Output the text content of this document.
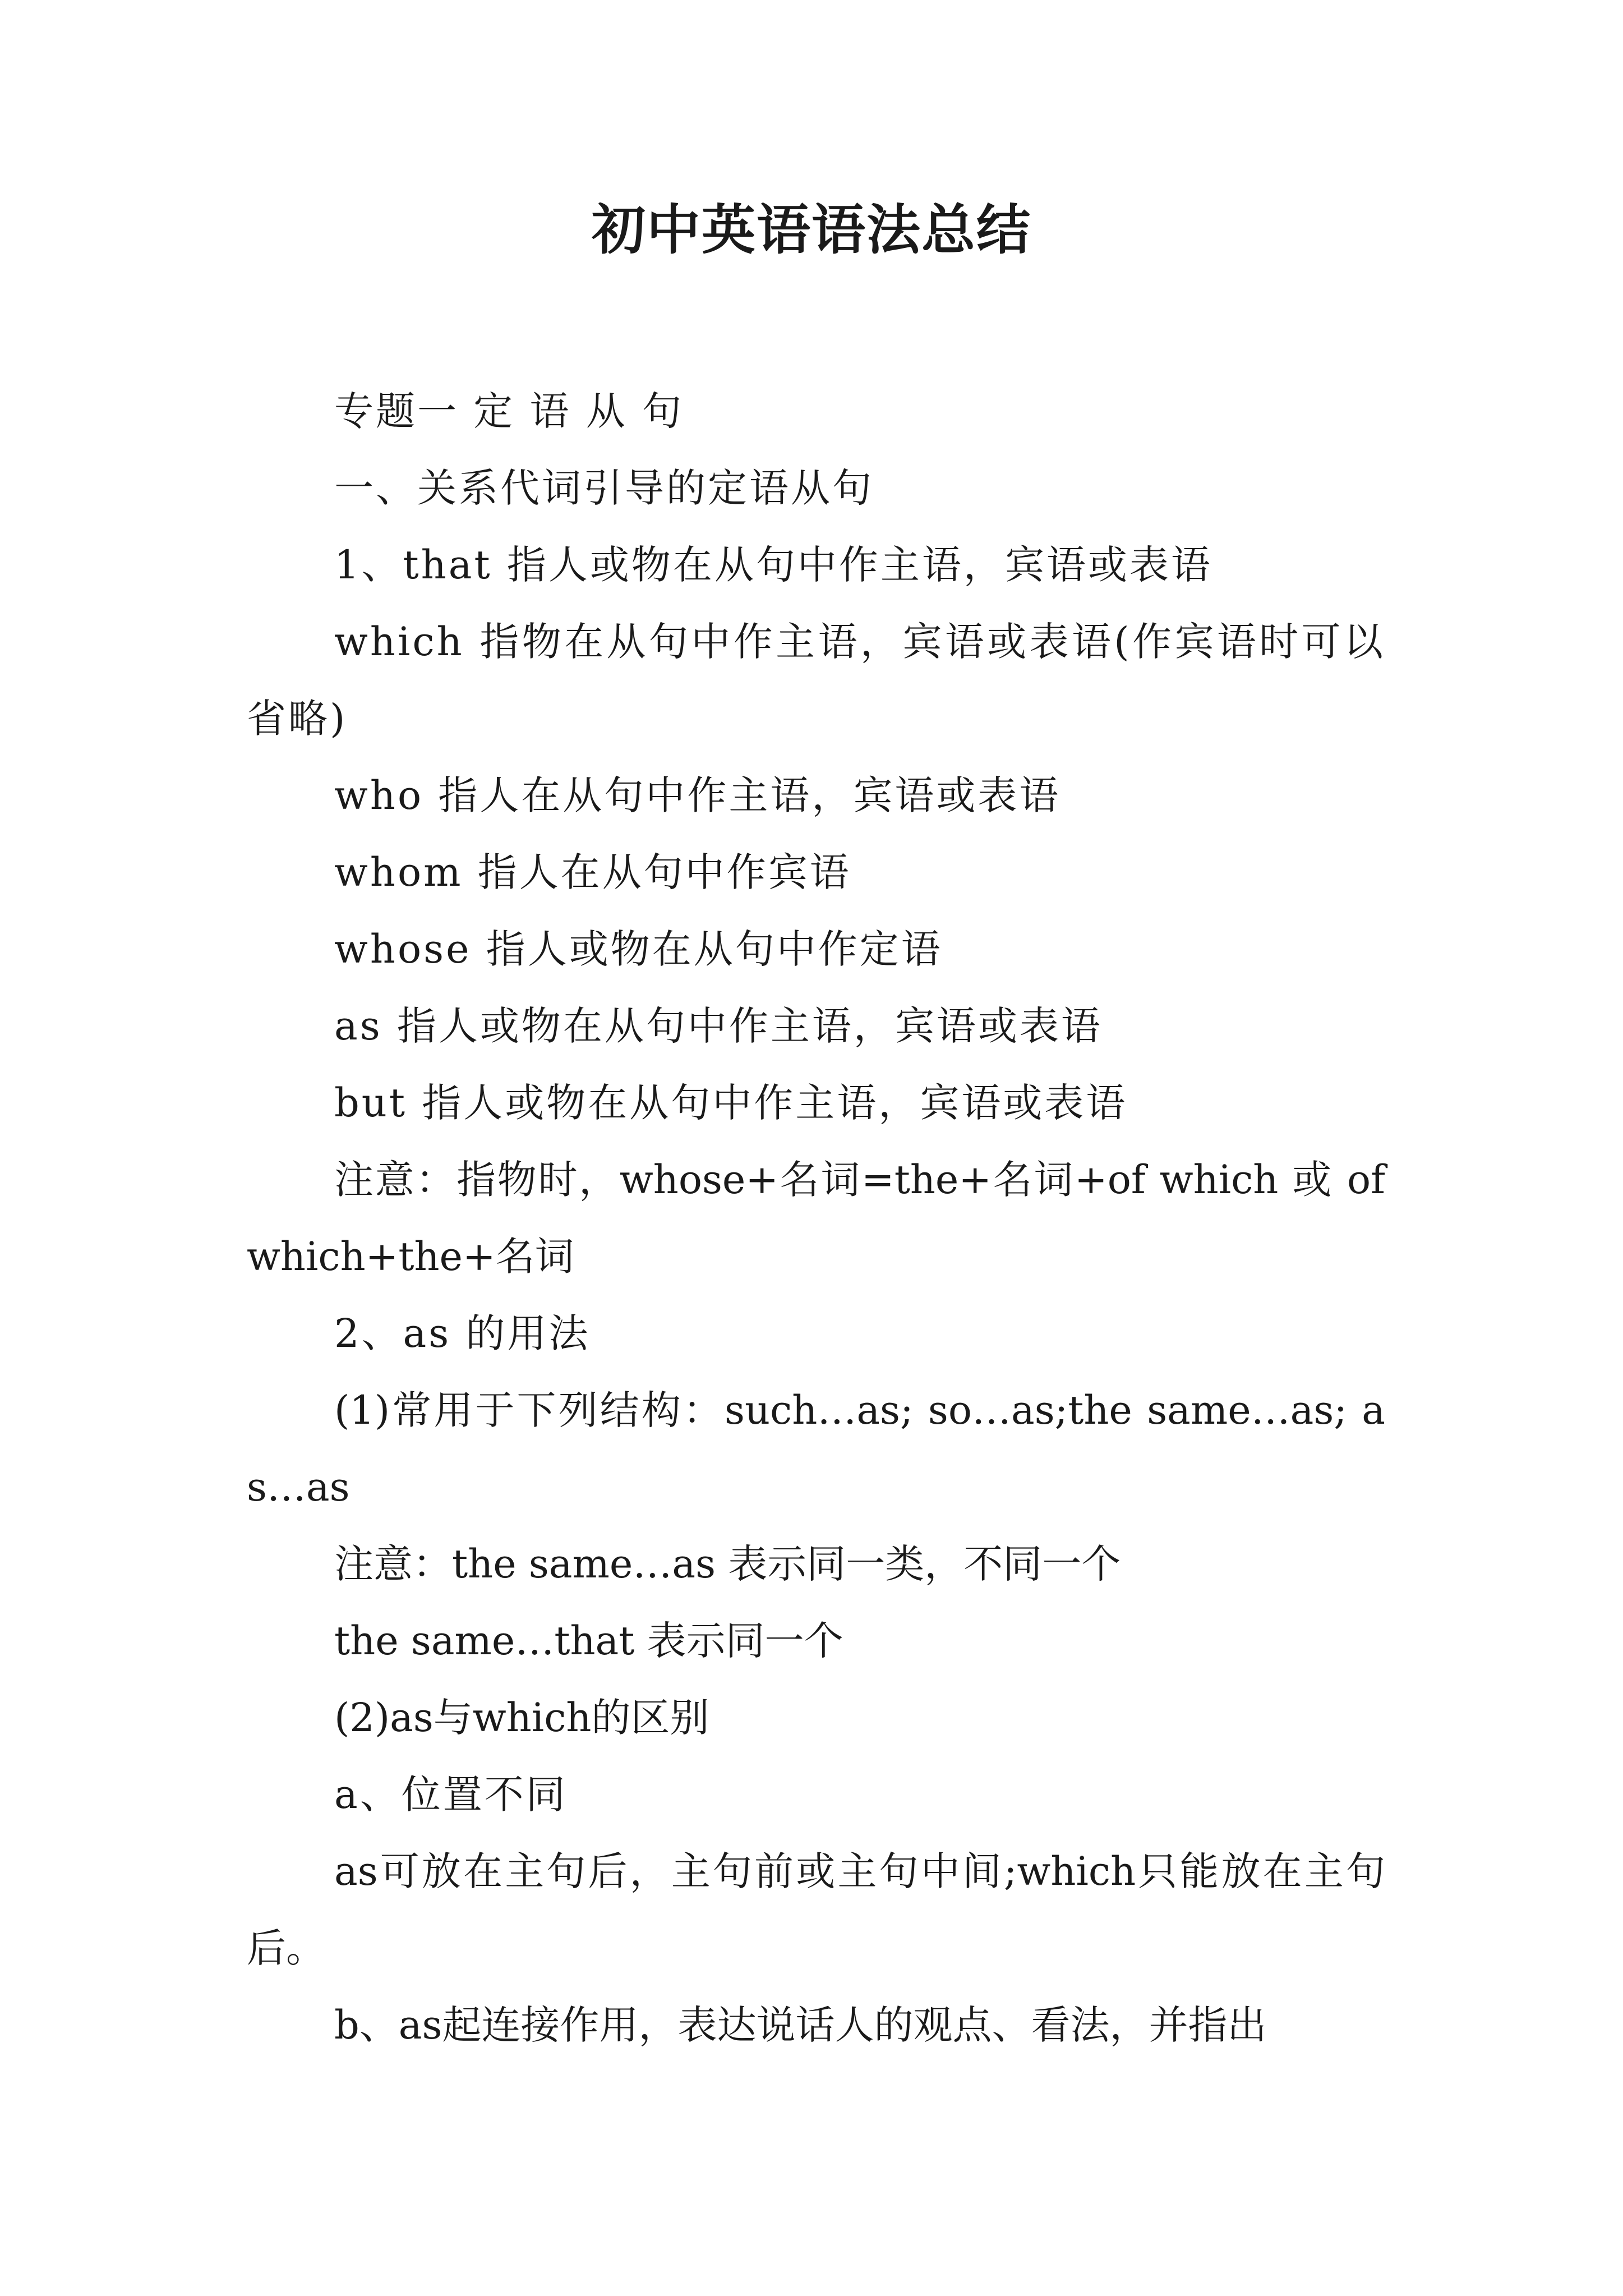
初中英语语法总结

专题一 定 语 从 句

一、关系代词引导的定语从句

1、that 指人或物在从句中作主语，宾语或表语

which 指物在从句中作主语，宾语或表语(作宾语时可以省略)

who 指人在从句中作主语，宾语或表语

whom 指人在从句中作宾语

whose 指人或物在从句中作定语

as 指人或物在从句中作主语，宾语或表语

but 指人或物在从句中作主语，宾语或表语

注意：指物时，whose+名词=the+名词+of which 或 of which+the+名词

2、as 的用法

(1)常用于下列结构：such…as; so…as;the same…as; as…as

注意：the same…as 表示同一类，不同一个

the same…that 表示同一个

(2)as与which的区别

a、位置不同

as可放在主句后，主句前或主句中间;which只能放在主句后。

b、as起连接作用，表达说话人的观点、看法，并指出
